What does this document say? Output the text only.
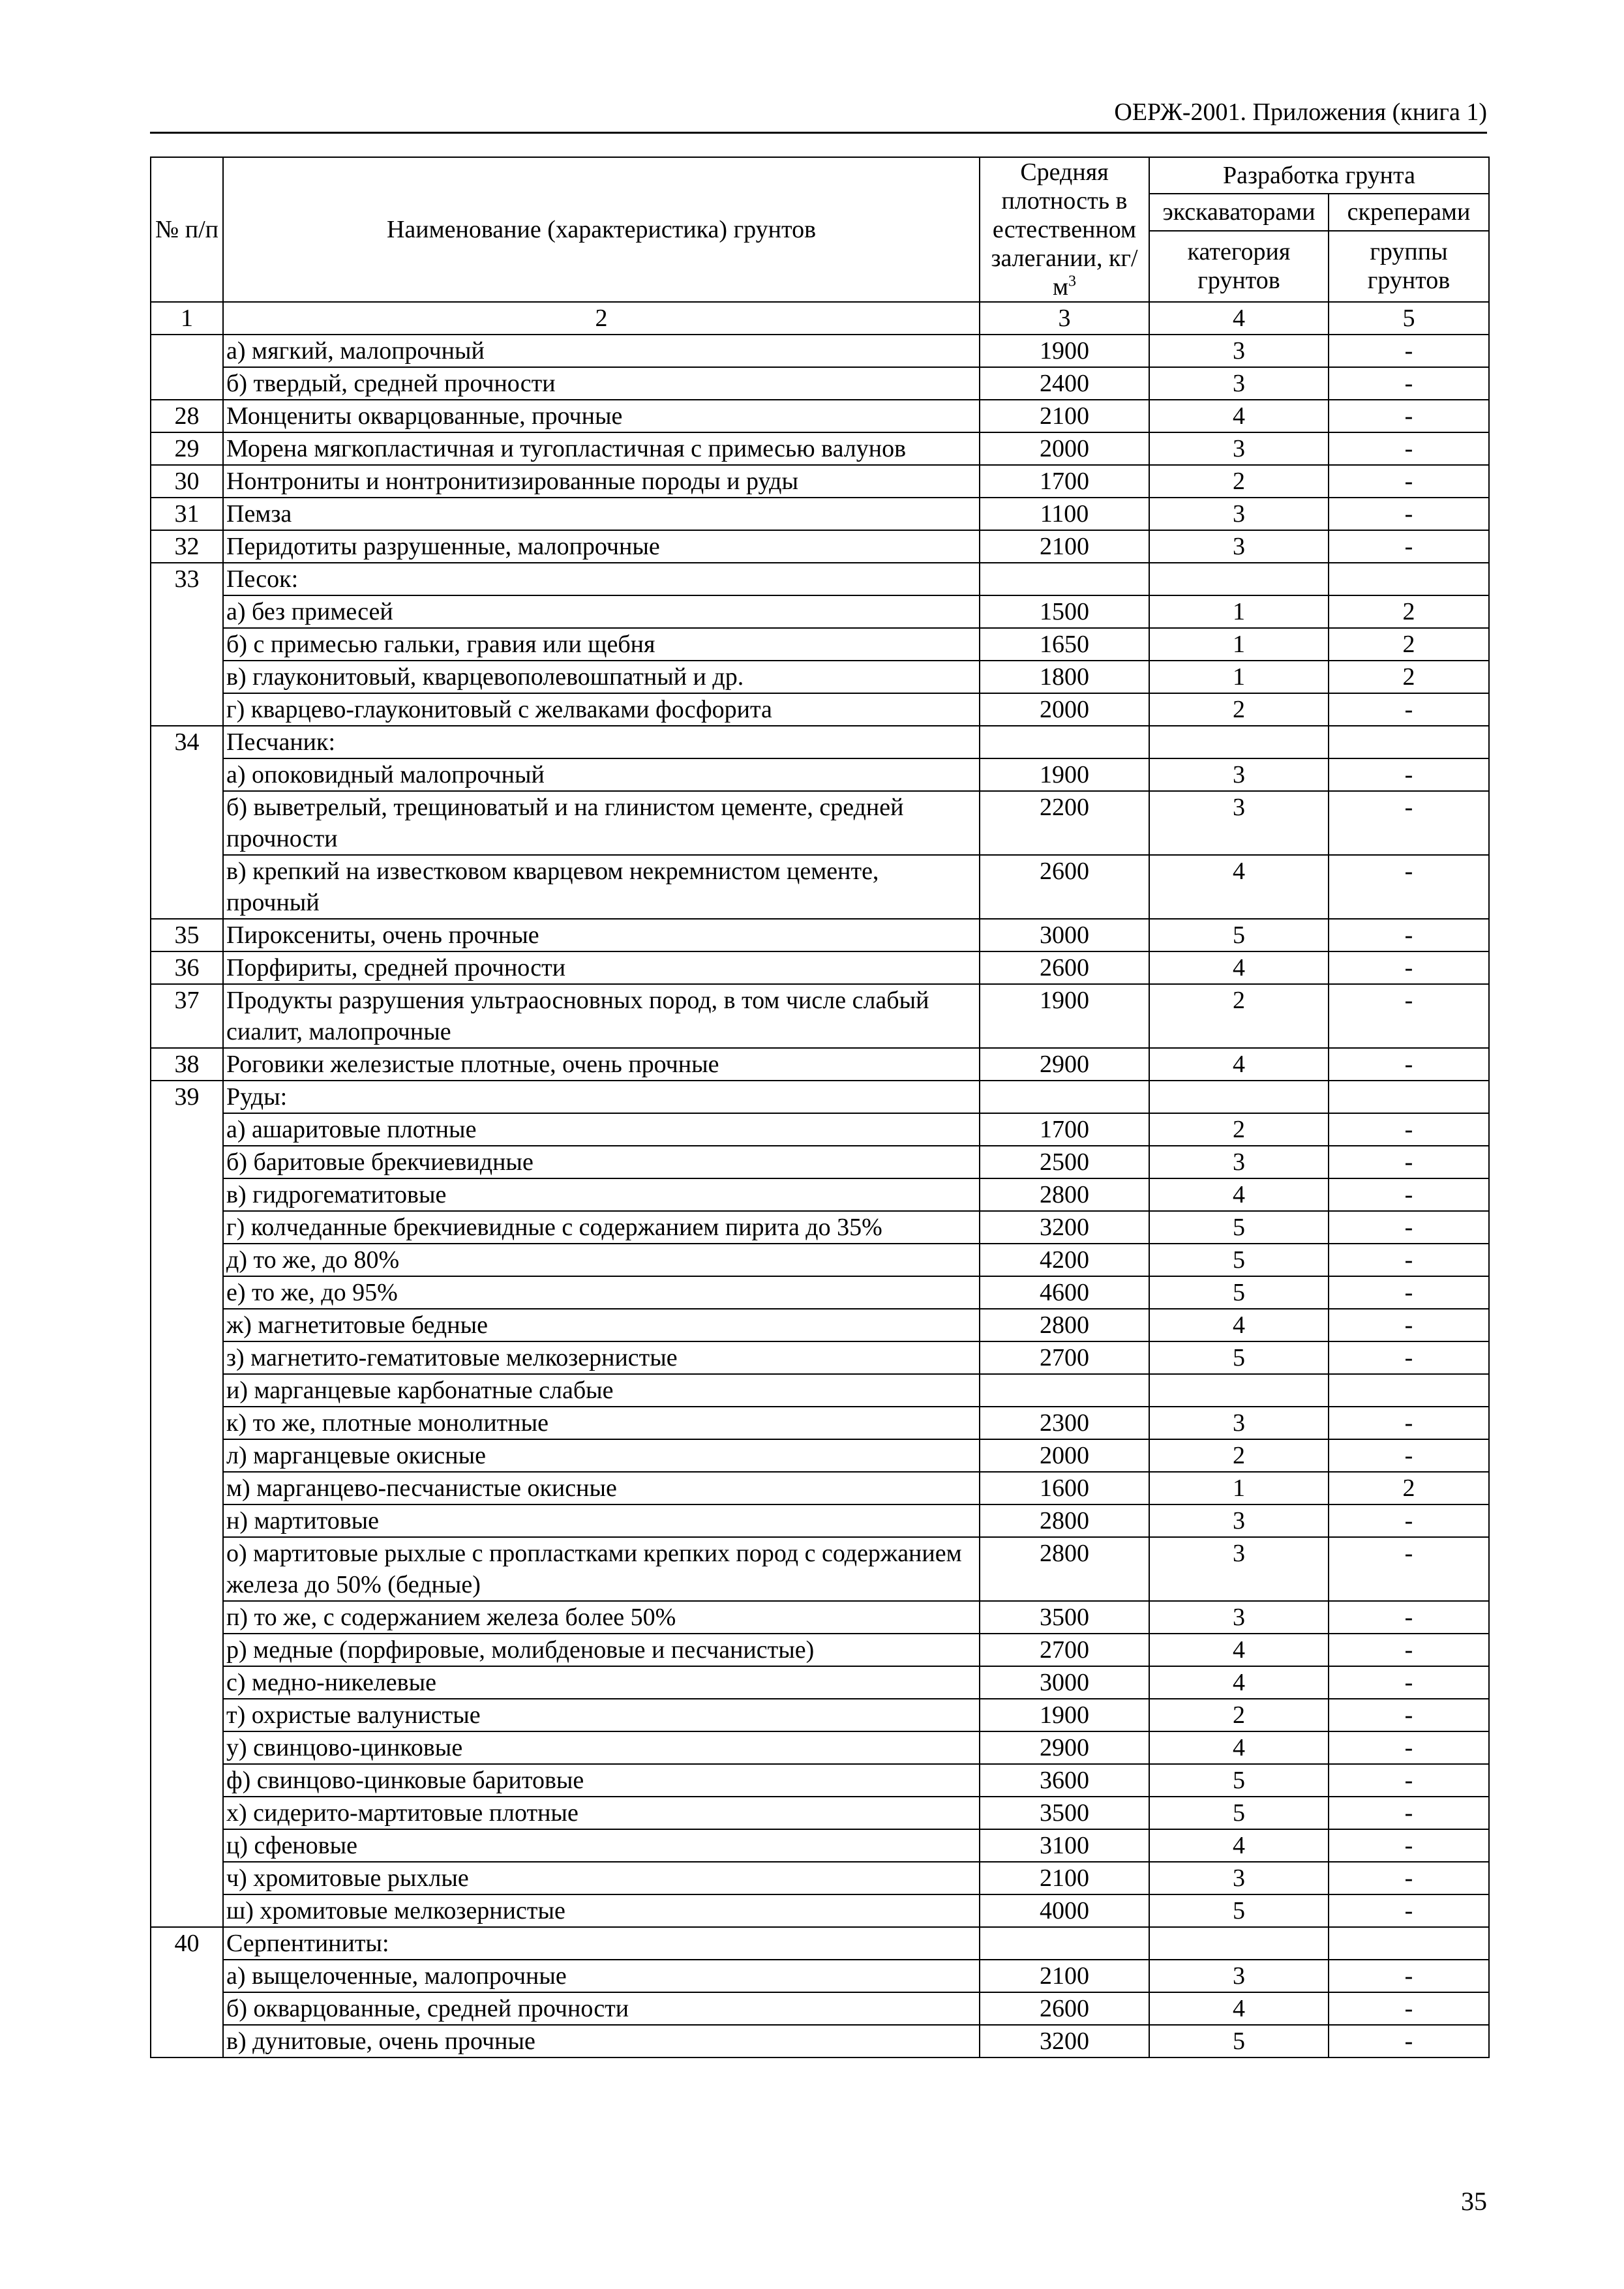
ОЕРЖ-2001. Приложения (книга 1)
№ п/п	Наименование (характеристика) грунтов	Средняя плотность в естественном залегании, $кг/м^3$	Разработка грунта	
			экскаваторами	скреперами
			категория грунтов	группы грунтов
1	2	3	4	5
	а) мягкий, малопрочный	1900	3	-
	б) твердый, средней прочности	2400	3	-
28	Монцениты окварцованные, прочные	2100	4	-
29	Морена мягкопластичная и тугопластичная с примесью валунов	2000	3	-
30	Нонтрониты и нонтронитизированные породы и руды	1700	2	-
31	Пемза	1100	3	-
32	Перидотиты разрушенные, малопрочные	2100	3	-
33	Песок:			
	а) без примесей	1500	1	2
	б) с примесью гальки, гравия или щебня	1650	1	2
	в) глауконитовый, кварцевополевошпатный и др.	1800	1	2
	г) кварцево-глауконитовый с желваками фосфорита	2000	2	-
34	Песчаник:			
	а) опоковидный малопрочный	1900	3	-
	б) выветрелый, трещиноватый и на глинистом цементе, средней прочности	2200	3	-
	в) крепкий на известковом кварцевом некремнистом цементе, прочный	2600	4	-
35	Пироксениты, очень прочные	3000	5	-
36	Порфириты, средней прочности	2600	4	-
37	Продукты разрушения ультраосновных пород, в том числе слабый сиалит, малопрочные	1900	2	-
38	Роговики железистые плотные, очень прочные	2900	4	-
39	Руды:			
	а) ашаритовые плотные	1700	2	-
	б) баритовые брекчиевидные	2500	3	-
	в) гидрогематитовые	2800	4	-
	г) колчеданные брекчиевидные с содержанием пирита до 35%	3200	5	-
	д) то же, до 80%	4200	5	-
	е) то же, до 95%	4600	5	-
	ж) магнетитовые бедные	2800	4	-
	з) магнетито-гематитовые мелкозернистые	2700	5	-
	и) марганцевые карбонатные слабые			
	к) то же, плотные монолитные	2300	3	-
	л) марганцевые окисные	2000	2	-
	м) марганцево-песчанистые окисные	1600	1	2
	н) мартитовые	2800	3	-
	о) мартитовые рыхлые с пропластками крепких пород с содержанием железа до 50% (бедные)	2800	3	-
	п) то же, с содержанием железа более 50%	3500	3	-
	р) медные (порфировые, молибденовые и песчанистые)	2700	4	-
	с) медно-никелевые	3000	4	-
	т) охристые валунистые	1900	2	-
	у) свинцово-цинковые	2900	4	-
	ф) свинцово-цинковые баритовые	3600	5	-
	х) сидерито-мартитовые плотные	3500	5	-
	ц) сфеновые	3100	4	-
	ч) хромитовые рыхлые	2100	3	-
	ш) хромитовые мелкозернистые	4000	5	-
40	Серпентиниты:			
	а) выщелоченные, малопрочные	2100	3	-
	б) окварцованные, средней прочности	2600	4	-
	в) дунитовые, очень прочные	3200	5	-
35
